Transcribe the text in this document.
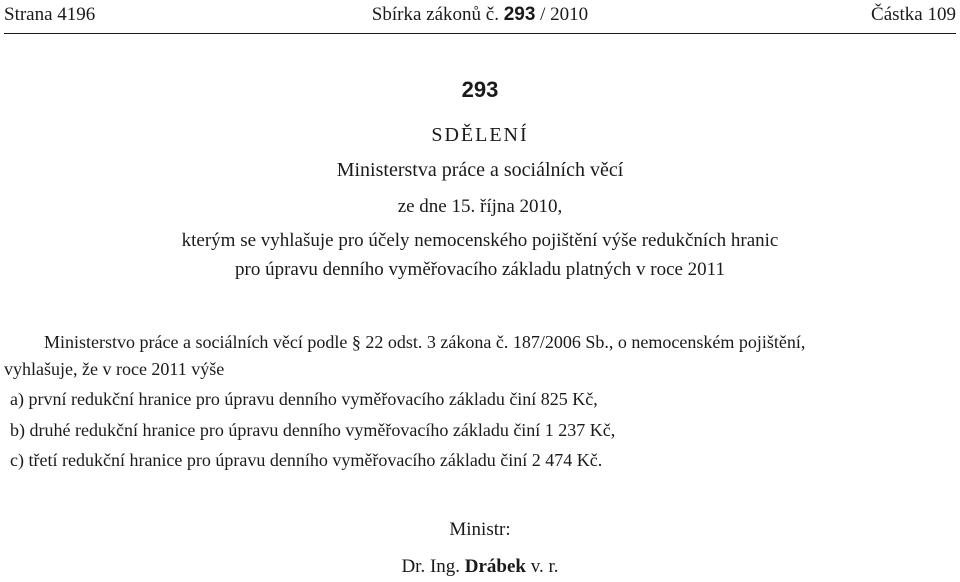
Strana 4196	Sbírka zákonů č. 293 / 2010	Částka 109
293
SDĚLENÍ
Ministerstva práce a sociálních věcí
ze dne 15. října 2010,
kterým se vyhlašuje pro účely nemocenského pojištění výše redukčních hranic
pro úpravu denního vyměřovacího základu platných v roce 2011
Ministerstvo práce a sociálních věcí podle § 22 odst. 3 zákona č. 187/2006 Sb., o nemocenském pojištění,
vyhlašuje, že v roce 2011 výše
a) první redukční hranice pro úpravu denního vyměřovacího základu činí 825 Kč,
b) druhé redukční hranice pro úpravu denního vyměřovacího základu činí 1 237 Kč,
c) třetí redukční hranice pro úpravu denního vyměřovacího základu činí 2 474 Kč.
Ministr:
Dr. Ing. Drábek v. r.
